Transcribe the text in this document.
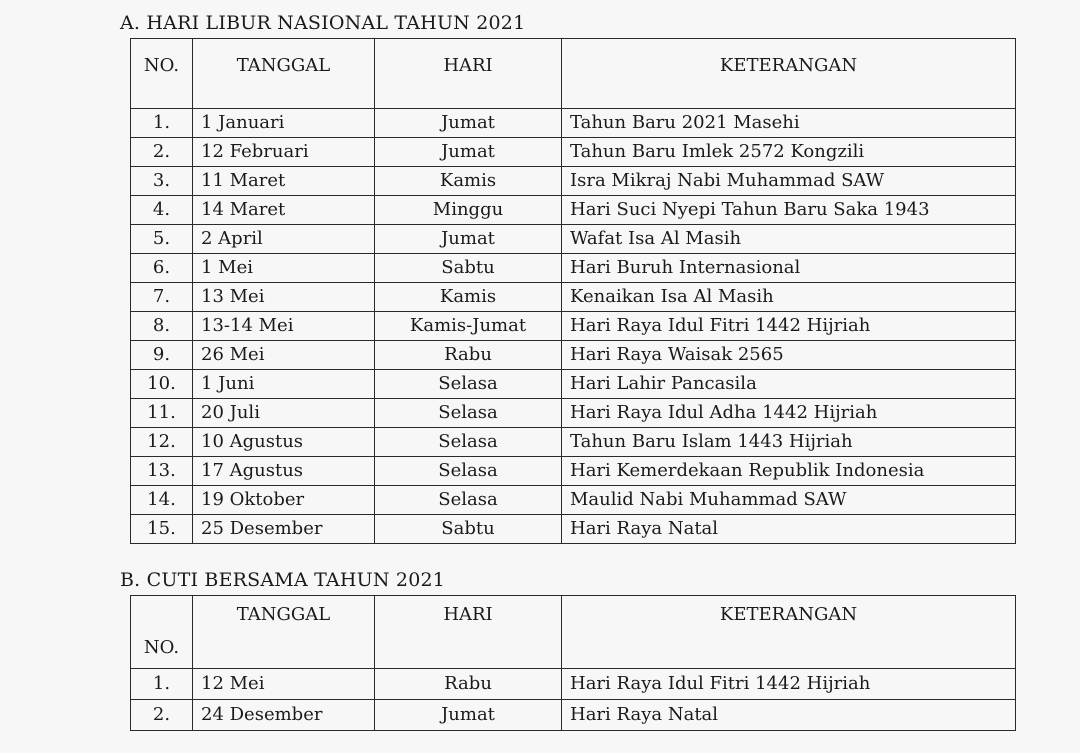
A. HARI LIBUR NASIONAL TAHUN 2021
NO.	TANGGAL	HARI	KETERANGAN
1.	1 Januari	Jumat	Tahun Baru 2021 Masehi
2.	12 Februari	Jumat	Tahun Baru Imlek 2572 Kongzili
3.	11 Maret	Kamis	Isra Mikraj Nabi Muhammad SAW
4.	14 Maret	Minggu	Hari Suci Nyepi Tahun Baru Saka 1943
5.	2 April	Jumat	Wafat Isa Al Masih
6.	1 Mei	Sabtu	Hari Buruh Internasional
7.	13 Mei	Kamis	Kenaikan Isa Al Masih
8.	13-14 Mei	Kamis-Jumat	Hari Raya Idul Fitri 1442 Hijriah
9.	26 Mei	Rabu	Hari Raya Waisak 2565
10.	1 Juni	Selasa	Hari Lahir Pancasila
11.	20 Juli	Selasa	Hari Raya Idul Adha 1442 Hijriah
12.	10 Agustus	Selasa	Tahun Baru Islam 1443 Hijriah
13.	17 Agustus	Selasa	Hari Kemerdekaan Republik Indonesia
14.	19 Oktober	Selasa	Maulid Nabi Muhammad SAW
15.	25 Desember	Sabtu	Hari Raya Natal
B. CUTI BERSAMA TAHUN 2021
NO.	TANGGAL	HARI	KETERANGAN
1.	12 Mei	Rabu	Hari Raya Idul Fitri 1442 Hijriah
2.	24 Desember	Jumat	Hari Raya Natal
